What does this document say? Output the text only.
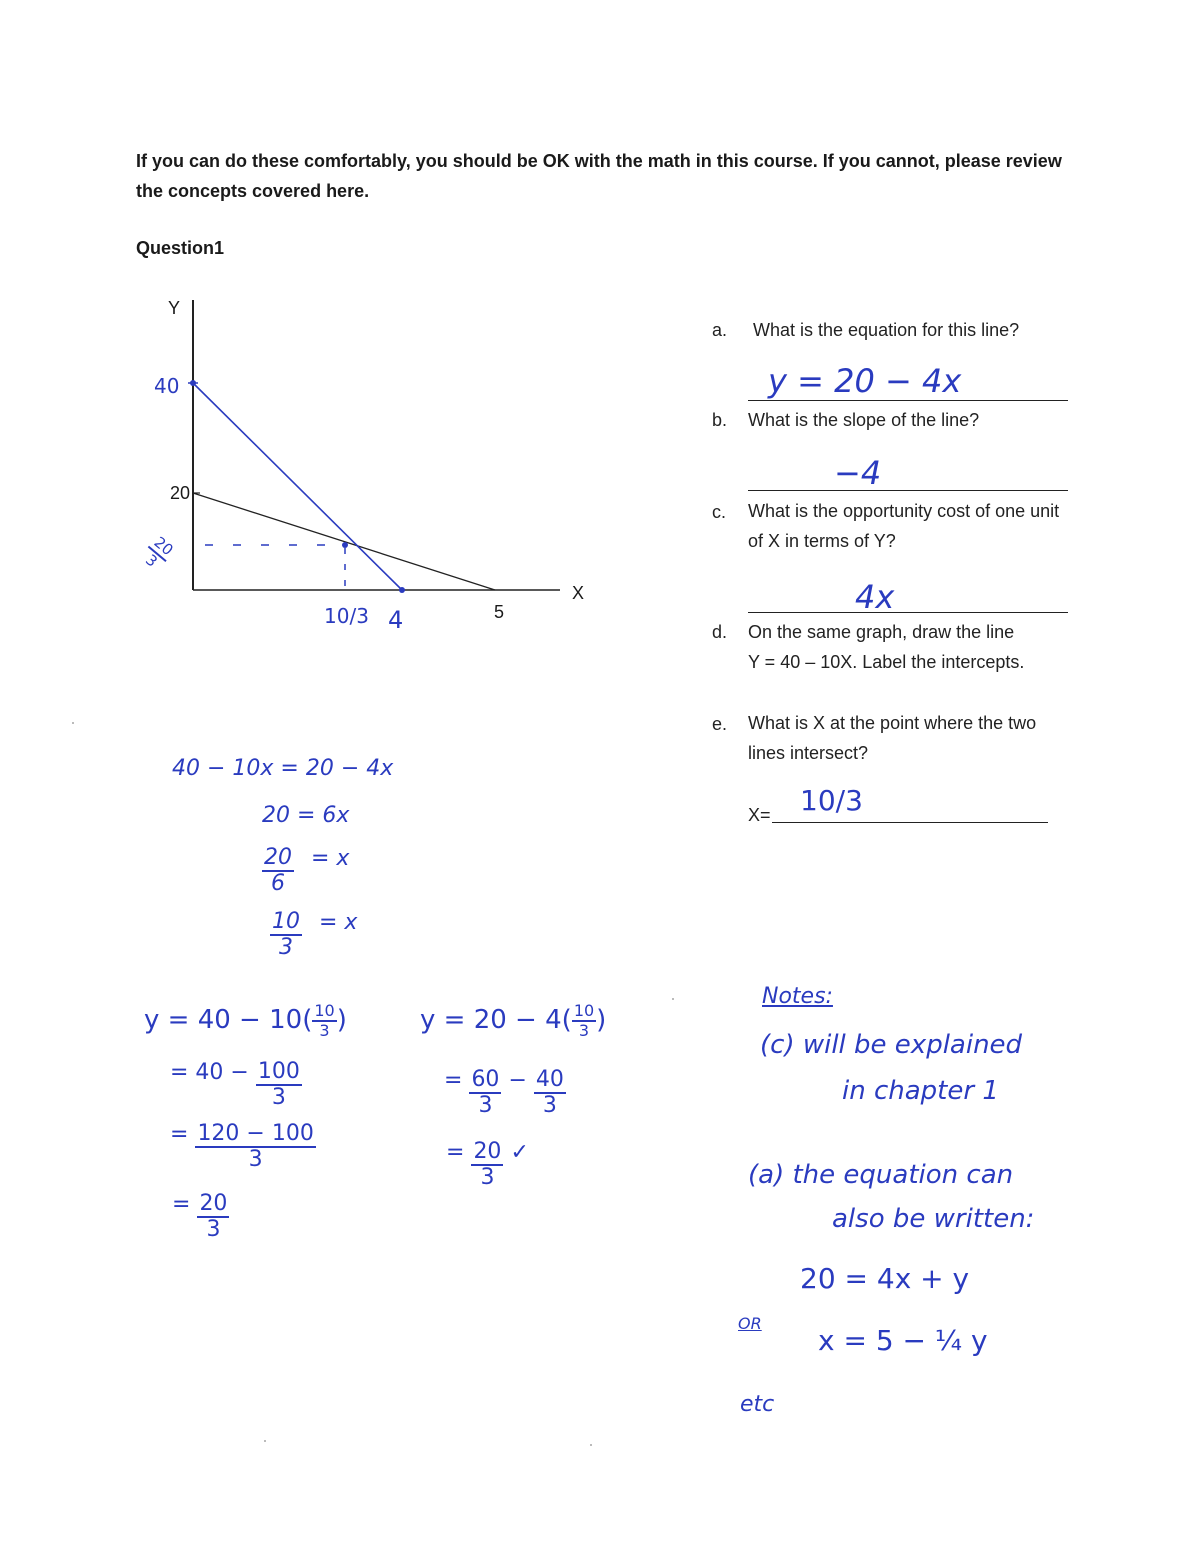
If you can do these comfortably, you should be OK with the math in this course. If you cannot, please review the concepts covered here.
Question1
Y
X
40
20
20
3
10/3 4	5
a. What is the equation for this line?
y = 20 − 4x
b. What is the slope of the line?
−4
c. What is the opportunity cost of one unit
of X in terms of Y?
4x
d. On the same graph, draw the line
Y = 40 – 10X. Label the intercepts.
e. What is X at the point where the two
lines intersect?
X= 10/3
40 − 10x = 20 − 4x
20 = 6x
$\frac{20}{6} = x$
$\frac{10}{3} = x$
$y = 40 - 10( \frac{10}{3}$ )
= $40 - \frac{100}{3}$
= $\frac{120 - 100}{3}$
= $\frac{20}{3}$
$y = 20 - 4( \frac{10}{3}$ )
= $\frac{60}{3} - \frac{40}{3}$
= $\frac{20}{3}$ ✓
Notes:
(c) will be explained
in chapter 1
(a) the equation can
also be written:
20 = 4x + y
OR
x = 5 − ¼ y
etc
